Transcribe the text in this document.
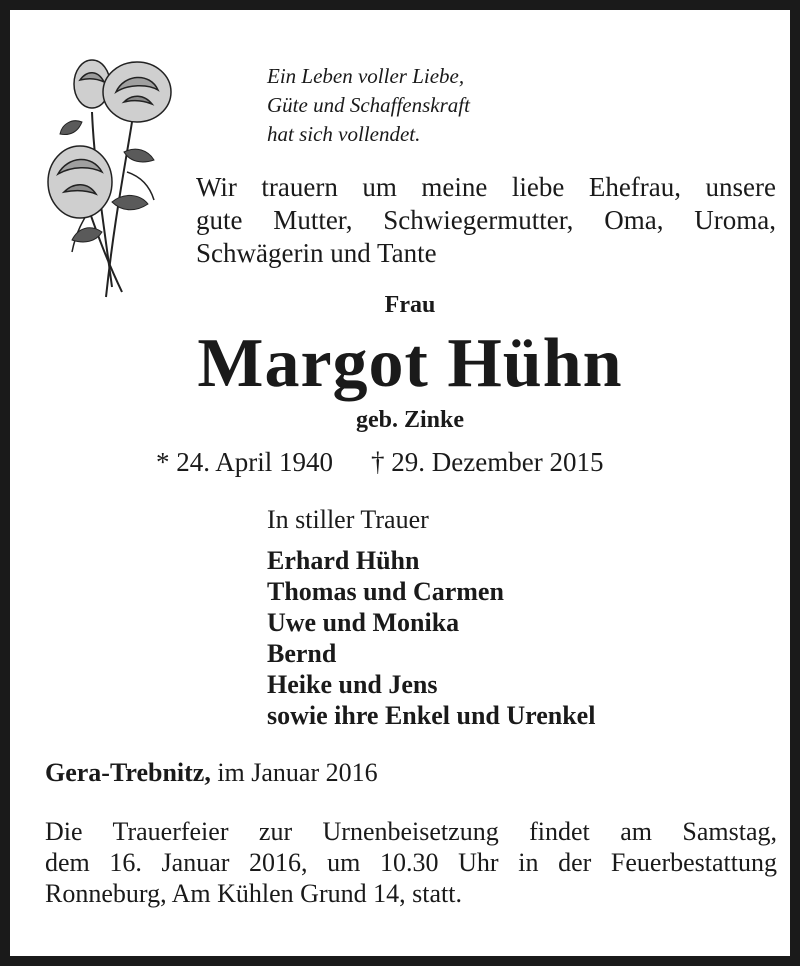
Ein Leben voller Liebe,
Güte und Schaffenskraft
hat sich vollendet.
Wir trauern um meine liebe Ehefrau, unsere
gute Mutter, Schwiegermutter, Oma, Uroma,
Schwägerin und Tante
Frau
Margot Hühn
geb. Zinke
* 24. April 1940 † 29. Dezember 2015
In stiller Trauer
Erhard Hühn
Thomas und Carmen
Uwe und Monika
Bernd
Heike und Jens
sowie ihre Enkel und Urenkel
Gera-Trebnitz, im Januar 2016
Die Trauerfeier zur Urnenbeisetzung findet am Samstag,
dem 16. Januar 2016, um 10.30 Uhr in der Feuerbestattung
Ronneburg, Am Kühlen Grund 14, statt.
